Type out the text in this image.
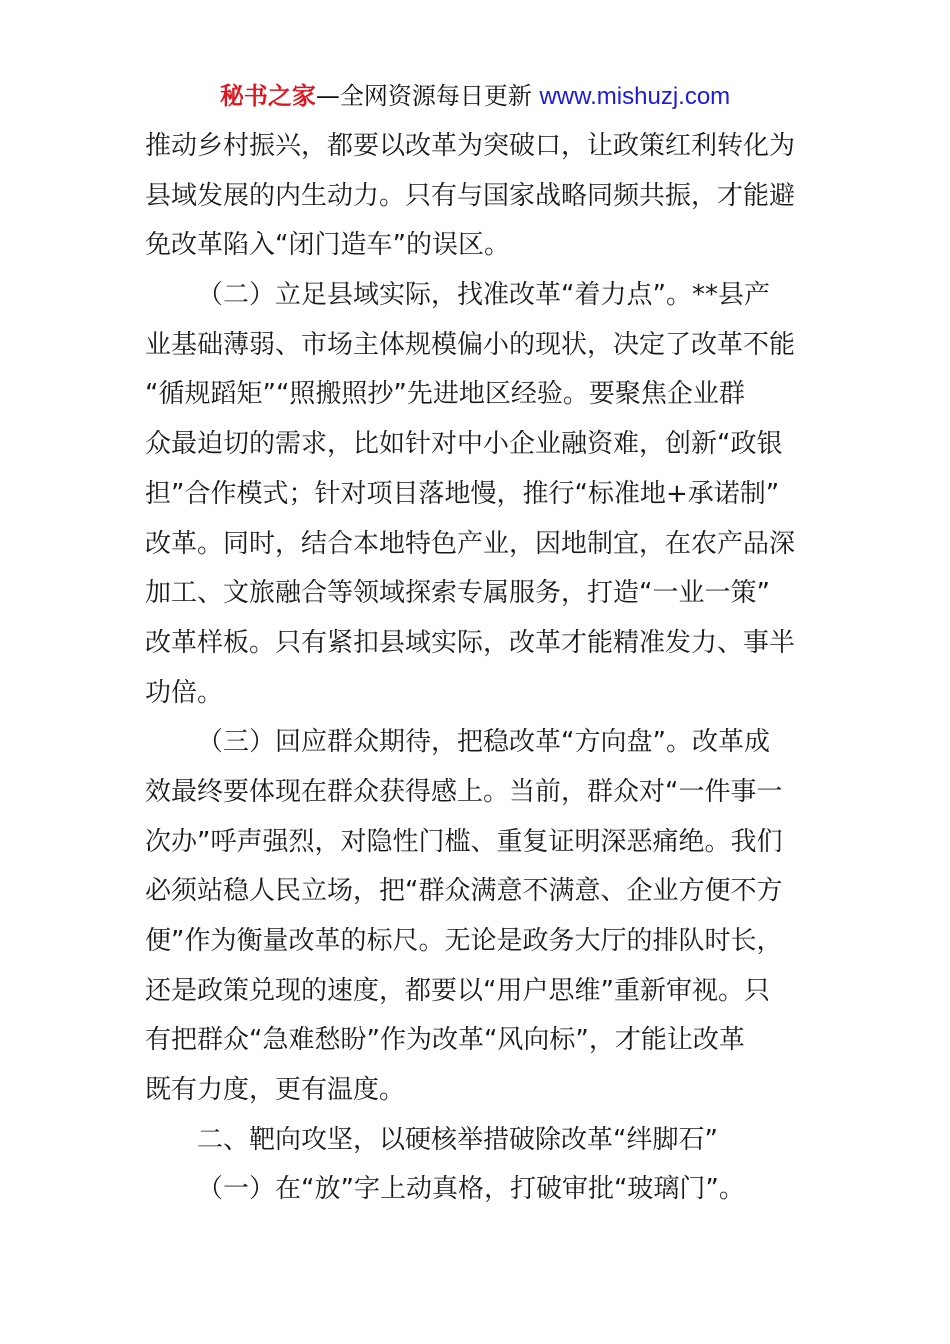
秘书之家—全网资源每日更新 www.mishuzj.com
推动乡村振兴，都要以改革为突破口，让政策红利转化为
县域发展的内生动力。只有与国家战略同频共振，才能避
免改革陷入“闭门造车”的误区。
（二）立足县域实际，找准改革“着力点”。**县产
业基础薄弱、市场主体规模偏小的现状，决定了改革不能
“循规蹈矩”“照搬照抄”先进地区经验。要聚焦企业群
众最迫切的需求，比如针对中小企业融资难，创新“政银
担”合作模式；针对项目落地慢，推行“标准地+承诺制”
改革。同时，结合本地特色产业，因地制宜，在农产品深
加工、文旅融合等领域探索专属服务，打造“一业一策”
改革样板。只有紧扣县域实际，改革才能精准发力、事半
功倍。
（三）回应群众期待，把稳改革“方向盘”。改革成
效最终要体现在群众获得感上。当前，群众对“一件事一
次办”呼声强烈，对隐性门槛、重复证明深恶痛绝。我们
必须站稳人民立场，把“群众满意不满意、企业方便不方
便”作为衡量改革的标尺。无论是政务大厅的排队时长，
还是政策兑现的速度，都要以“用户思维”重新审视。只
有把群众“急难愁盼”作为改革“风向标”，才能让改革
既有力度，更有温度。
二、靶向攻坚，以硬核举措破除改革“绊脚石”
（一）在“放”字上动真格，打破审批“玻璃门”。
